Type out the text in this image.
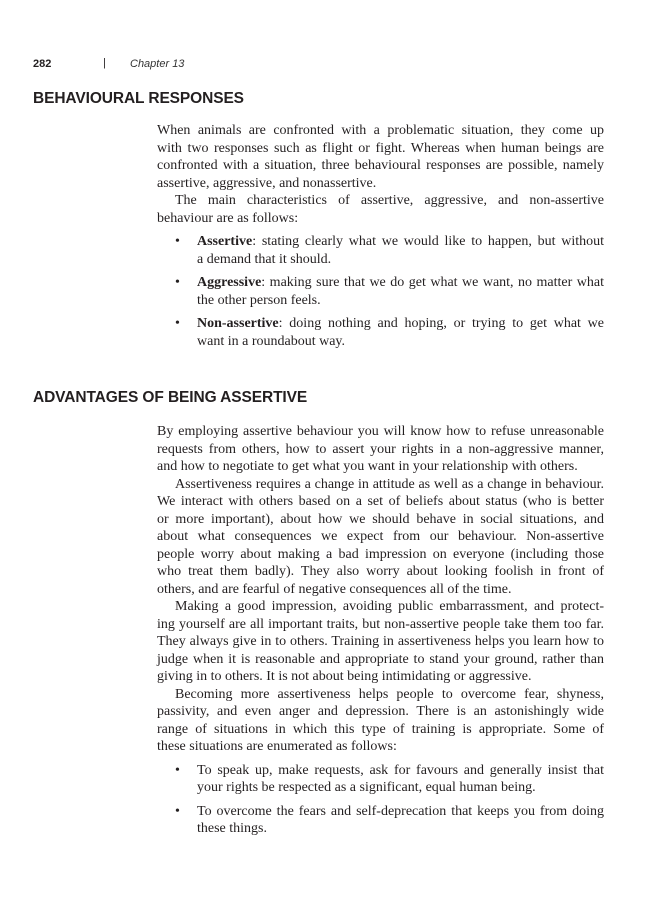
282	| Chapter 13
BEHAVIOURAL RESPONSES
When animals are confronted with a problematic situation, they come up
with two responses such as flight or fight. Whereas when human beings are
confronted with a situation, three behavioural responses are possible, namely
assertive, aggressive, and nonassertive.
The main characteristics of assertive, aggressive, and non-assertive
behaviour are as follows:
• Assertive: stating clearly what we would like to happen, but without
a demand that it should.
• Aggressive: making sure that we do get what we want, no matter what
the other person feels.
• Non-assertive: doing nothing and hoping, or trying to get what we
want in a roundabout way.
ADVANTAGES OF BEING ASSERTIVE
By employing assertive behaviour you will know how to refuse unreasonable
requests from others, how to assert your rights in a non-aggressive manner,
and how to negotiate to get what you want in your relationship with others.
Assertiveness requires a change in attitude as well as a change in behaviour.
We interact with others based on a set of beliefs about status (who is better
or more important), about how we should behave in social situations, and
about what consequences we expect from our behaviour. Non-assertive
people worry about making a bad impression on everyone (including those
who treat them badly). They also worry about looking foolish in front of
others, and are fearful of negative consequences all of the time.
Making a good impression, avoiding public embarrassment, and protect-
ing yourself are all important traits, but non-assertive people take them too far.
They always give in to others. Training in assertiveness helps you learn how to
judge when it is reasonable and appropriate to stand your ground, rather than
giving in to others. It is not about being intimidating or aggressive.
Becoming more assertiveness helps people to overcome fear, shyness,
passivity, and even anger and depression. There is an astonishingly wide
range of situations in which this type of training is appropriate. Some of
these situations are enumerated as follows:
• To speak up, make requests, ask for favours and generally insist that
your rights be respected as a significant, equal human being.
• To overcome the fears and self-deprecation that keeps you from doing
these things.
